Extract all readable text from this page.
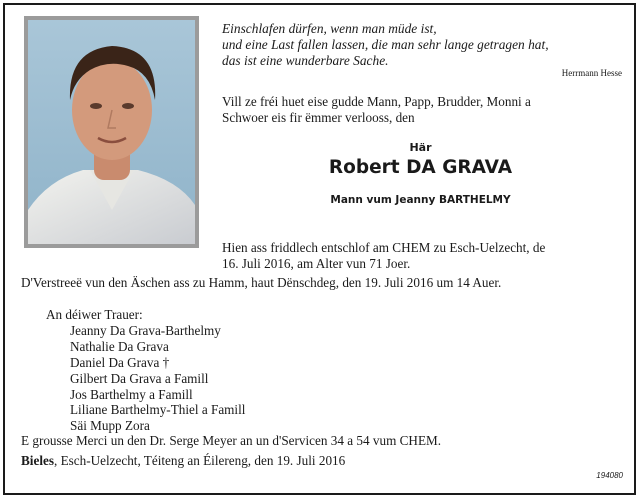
Einschlafen dürfen, wenn man müde ist,
und eine Last fallen lassen, die man sehr lange getragen hat,
das ist eine wunderbare Sache.
Herrmann Hesse
Vill ze fréi huet eise gudde Mann, Papp, Brudder, Monni a
Schwoer eis fir ëmmer verlooss, den
Här
Robert DA GRAVA
Mann vum Jeanny BARTHELMY
Hien ass friddlech entschlof am CHEM zu Esch-Uelzecht, de
16. Juli 2016, am Alter vun 71 Joer.
D'Verstreeë vun den Äschen ass zu Hamm, haut Dënschdeg, den 19. Juli 2016 um 14 Auer.
An déiwer Trauer:
Jeanny Da Grava-Barthelmy
Nathalie Da Grava
Daniel Da Grava †
Gilbert Da Grava a Famill
Jos Barthelmy a Famill
Liliane Barthelmy-Thiel a Famill
Säi Mupp Zora
E grousse Merci un den Dr. Serge Meyer an un d'Servicen 34 a 54 vum CHEM.
Bieles, Esch-Uelzecht, Téiteng an Éilereng, den 19. Juli 2016
194080
